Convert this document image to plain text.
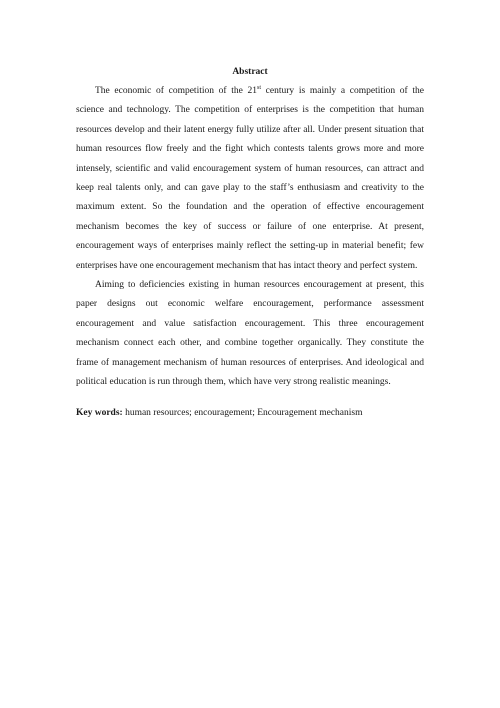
Abstract

The economic of competition of the 21st century is mainly a competition of the science and technology. The competition of enterprises is the competition that human resources develop and their latent energy fully utilize after all. Under present situation that human resources flow freely and the fight which contests talents grows more and more intensely, scientific and valid encouragement system of human resources, can attract and keep real talents only, and can gave play to the staff’s enthusiasm and creativity to the maximum extent. So the foundation and the operation of effective encouragement mechanism becomes the key of success or failure of one enterprise. At present, encouragement ways of enterprises mainly reflect the setting-up in material benefit; few enterprises have one encouragement mechanism that has intact theory and perfect system.

Aiming to deficiencies existing in human resources encouragement at present, this paper designs out economic welfare encouragement, performance assessment encouragement and value satisfaction encouragement. This three encouragement mechanism connect each other, and combine together organically. They constitute the frame of management mechanism of human resources of enterprises. And ideological and political education is run through them, which have very strong realistic meanings.

Key words: human resources; encouragement; Encouragement mechanism
